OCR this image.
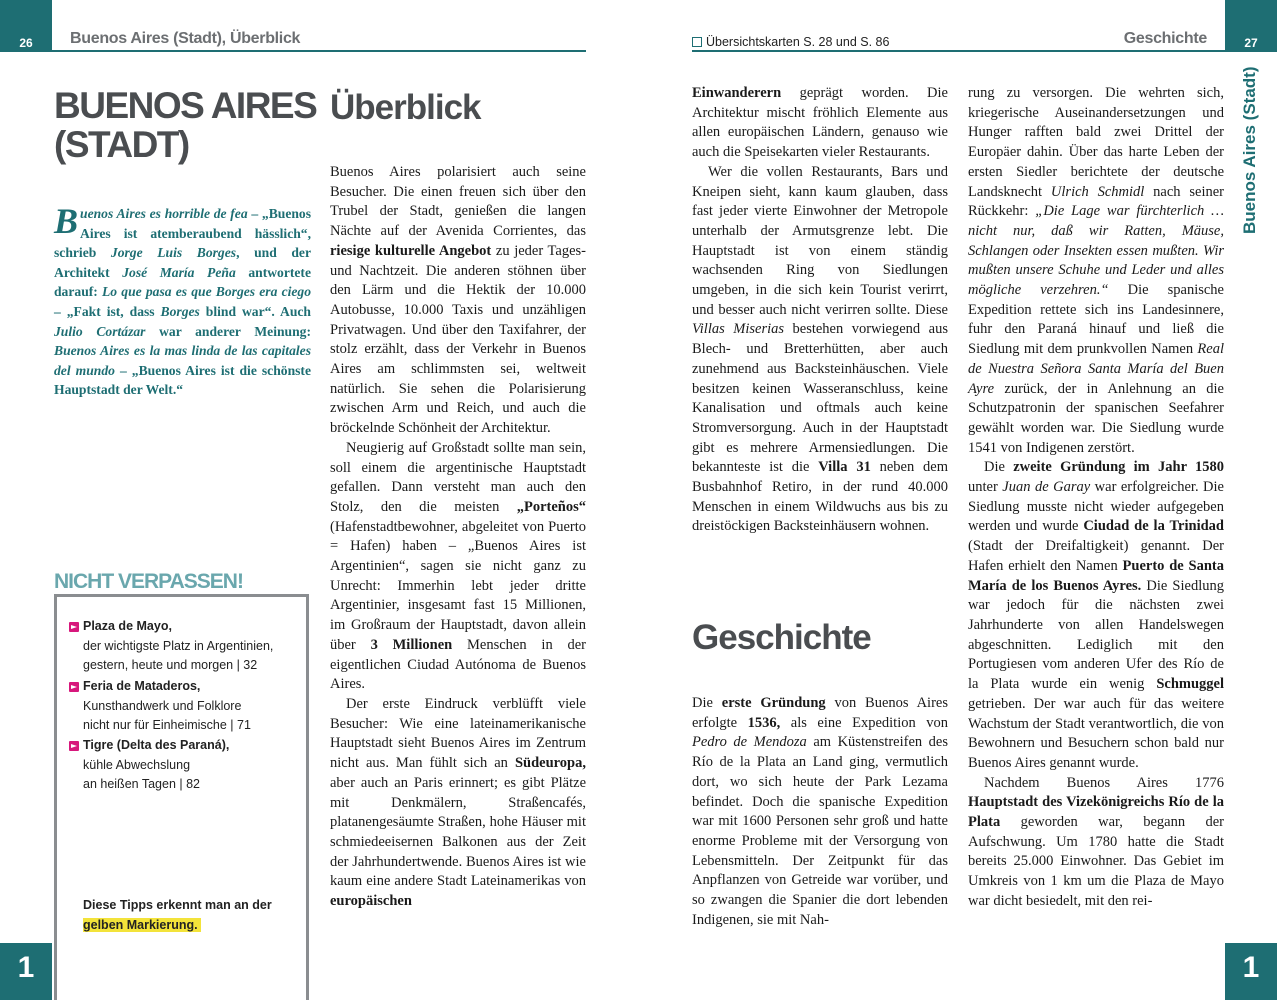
26	Buenos Aires (Stadt), Überblick	Übersichtskarten S. 28 und S. 86	Geschichte	27
BUENOS AIRES
(STADT)
Buenos Aires es horrible de fea – „Buenos Aires ist atemberaubend hässlich“, schrieb Jorge Luis Borges, und der Architekt José María Peña antwortete darauf: Lo que pasa es que Borges era ciego – „Fakt ist, dass Borges blind war“. Auch Julio Cortázar war anderer Meinung: Buenos Aires es la mas linda de las capitales del mundo – „Buenos Aires ist die schönste Hauptstadt der Welt.“
NICHT VERPASSEN!
Plaza de Mayo,
der wichtigste Platz in Argentinien,
gestern, heute und morgen | 32
Feria de Mataderos,
Kunsthandwerk und Folklore
nicht nur für Einheimische | 71
Tigre (Delta des Paraná),
kühle Abwechslung
an heißen Tagen | 82
Diese Tipps erkennt man an der
gelben Markierung.
Überblick

Buenos Aires polarisiert auch seine Besucher. Die einen freuen sich über den Trubel der Stadt, genießen die langen Nächte auf der Avenida Corrientes, das riesige kulturelle Angebot zu jeder Tages- und Nachtzeit. Die anderen stöhnen über den Lärm und die Hektik der 10.000 Autobusse, 10.000 Taxis und unzähligen Privatwagen. Und über den Taxifahrer, der stolz erzählt, dass der Verkehr in Buenos Aires am schlimmsten sei, weltweit natürlich. Sie sehen die Polarisierung zwischen Arm und Reich, und auch die bröckelnde Schönheit der Architektur.

Neugierig auf Großstadt sollte man sein, soll einem die argentinische Hauptstadt gefallen. Dann versteht man auch den Stolz, den die meisten „Porteños“ (Hafenstadtbewohner, abgeleitet von Puerto = Hafen) haben – „Buenos Aires ist Argentinien“, sagen sie nicht ganz zu Unrecht: Immerhin lebt jeder dritte Argentinier, insgesamt fast 15 Millionen, im Großraum der Hauptstadt, davon allein über 3 Millionen Menschen in der eigentlichen Ciudad Autónoma de Buenos Aires.

Der erste Eindruck verblüfft viele Besucher: Wie eine lateinamerikanische Hauptstadt sieht Buenos Aires im Zentrum nicht aus. Man fühlt sich an Südeuropa, aber auch an Paris erinnert; es gibt Plätze mit Denkmälern, Straßencafés, platanengesäumte Straßen, hohe Häuser mit schmiedeeisernen Balkonen aus der Zeit der Jahrhundertwende. Buenos Aires ist wie kaum eine andere Stadt Lateinamerikas von europäischen

Einwanderern geprägt worden. Die Architektur mischt fröhlich Elemente aus allen europäischen Ländern, genauso wie auch die Speisekarten vieler Restaurants.

Wer die vollen Restaurants, Bars und Kneipen sieht, kann kaum glauben, dass fast jeder vierte Einwohner der Metropole unterhalb der Armutsgrenze lebt. Die Hauptstadt ist von einem ständig wachsenden Ring von Siedlungen umgeben, in die sich kein Tourist verirrt, und besser auch nicht verirren sollte. Diese Villas Miserias bestehen vorwiegend aus Blech- und Bretterhütten, aber auch zunehmend aus Backsteinhäuschen. Viele besitzen keinen Wasseranschluss, keine Kanalisation und oftmals auch keine Stromversorgung. Auch in der Hauptstadt gibt es mehrere Armensiedlungen. Die bekannteste ist die Villa 31 neben dem Busbahnhof Retiro, in der rund 40.000 Menschen in einem Wildwuchs aus bis zu dreistöckigen Backsteinhäusern wohnen.

Geschichte

Die erste Gründung von Buenos Aires erfolgte 1536, als eine Expedition von Pedro de Mendoza am Küstenstreifen des Río de la Plata an Land ging, vermutlich dort, wo sich heute der Park Lezama befindet. Doch die spanische Expedition war mit 1600 Personen sehr groß und hatte enorme Probleme mit der Versorgung von Lebensmitteln. Der Zeitpunkt für das Anpflanzen von Getreide war vorüber, und so zwangen die Spanier die dort lebenden Indigenen, sie mit Nah-

rung zu versorgen. Die wehrten sich, kriegerische Auseinandersetzungen und Hunger rafften bald zwei Drittel der Europäer dahin. Über das harte Leben der ersten Siedler berichtete der deutsche Landsknecht Ulrich Schmidl nach seiner Rückkehr: „Die Lage war fürchterlich … nicht nur, daß wir Ratten, Mäuse, Schlangen oder Insekten essen mußten. Wir mußten unsere Schuhe und Leder und alles mögliche verzehren.“ Die spanische Expedition rettete sich ins Landesinnere, fuhr den Paraná hinauf und ließ die Siedlung mit dem prunkvollen Namen Real de Nuestra Señora Santa María del Buen Ayre zurück, der in Anlehnung an die Schutzpatronin der spanischen Seefahrer gewählt worden war. Die Siedlung wurde 1541 von Indigenen zerstört.

Die zweite Gründung im Jahr 1580 unter Juan de Garay war erfolgreicher. Die Siedlung musste nicht wieder aufgegeben werden und wurde Ciudad de la Trinidad (Stadt der Dreifaltigkeit) genannt. Der Hafen erhielt den Namen Puerto de Santa María de los Buenos Ayres. Die Siedlung war jedoch für die nächsten zwei Jahrhunderte von allen Handelswegen abgeschnitten. Lediglich mit den Portugiesen vom anderen Ufer des Río de la Plata wurde ein wenig Schmuggel getrieben. Der war auch für das weitere Wachstum der Stadt verantwortlich, die von Bewohnern und Besuchern schon bald nur Buenos Aires genannt wurde.

Nachdem Buenos Aires 1776 Hauptstadt des Vizekönigreichs Río de la Plata geworden war, begann der Aufschwung. Um 1780 hatte die Stadt bereits 25.000 Einwohner. Das Gebiet im Umkreis von 1 km um die Plaza de Mayo war dicht besiedelt, mit den rei-

Buenos Aires (Stadt)
1	1
